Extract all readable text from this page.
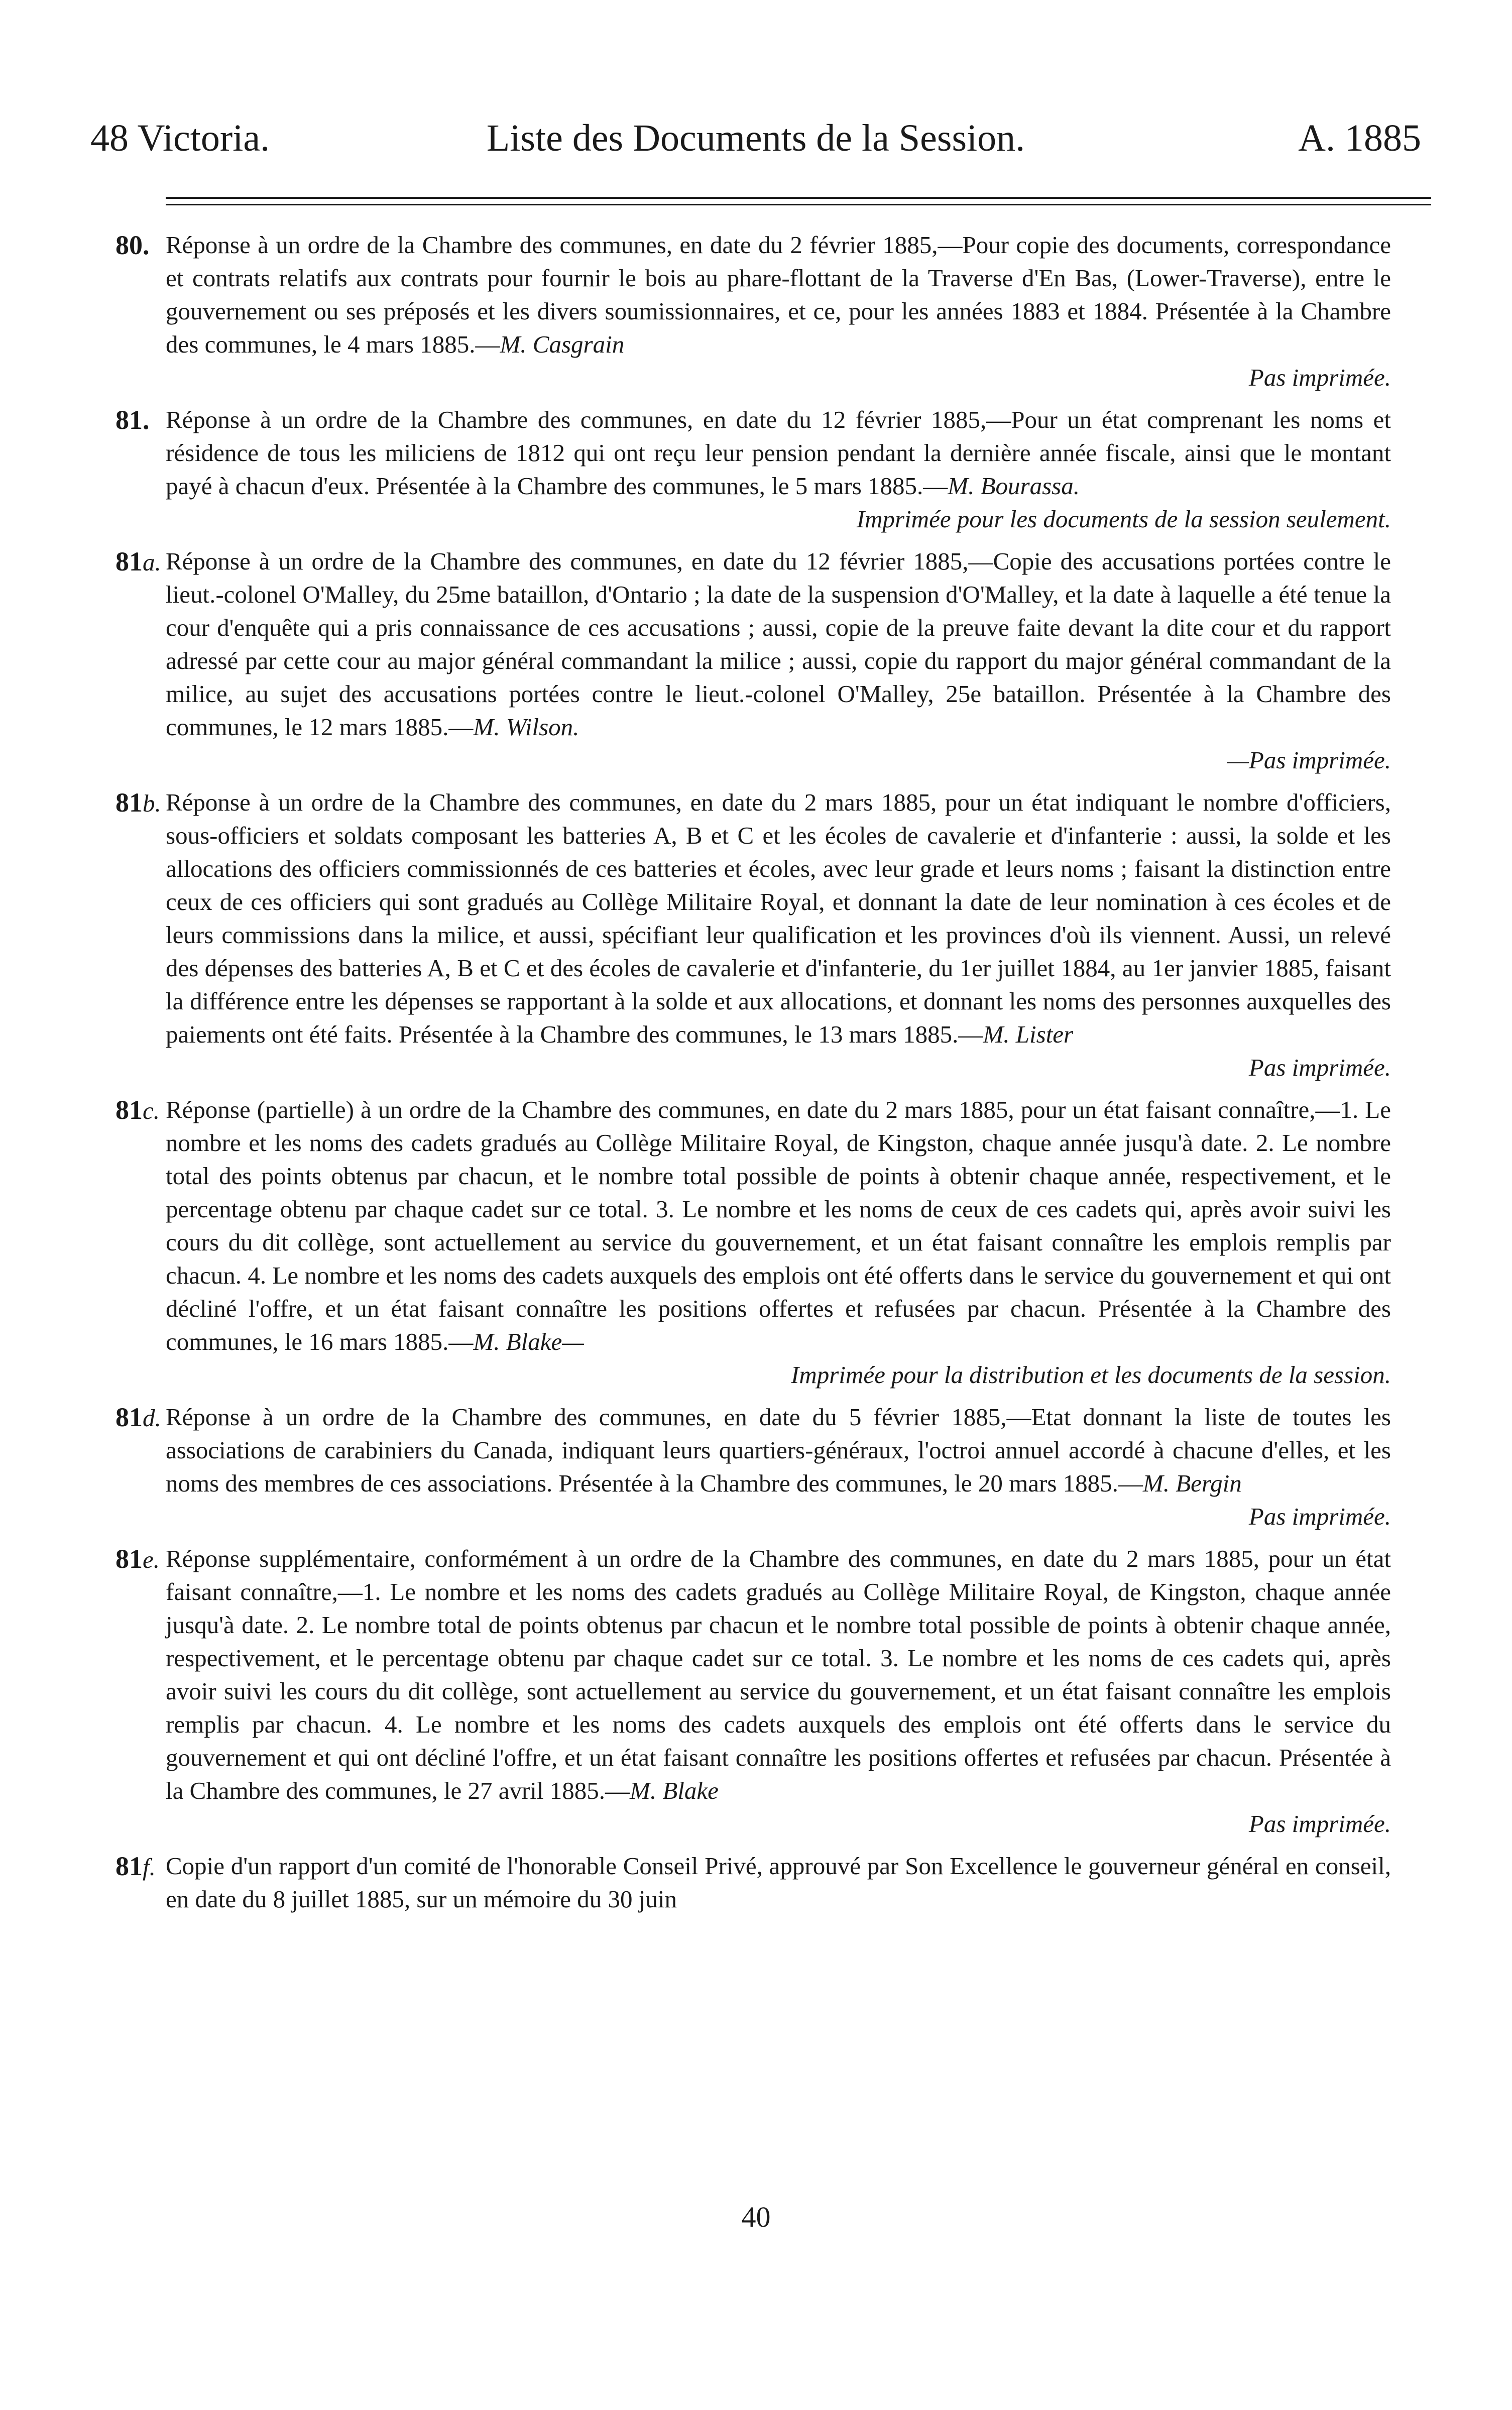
48 Victoria.	Liste des Documents de la Session.	A. 1885
80. Réponse à un ordre de la Chambre des communes, en date du 2 février 1885,—Pour copie des documents, correspondance et contrats relatifs aux contrats pour fournir le bois au phare-flottant de la Traverse d'En Bas, (Lower-Traverse), entre le gouvernement ou ses préposés et les divers soumissionnaires, et ce, pour les années 1883 et 1884. Présentée à la Chambre des communes, le 4 mars 1885.—M. Casgrain
Pas imprimée.
81. Réponse à un ordre de la Chambre des communes, en date du 12 février 1885,—Pour un état comprenant les noms et résidence de tous les miliciens de 1812 qui ont reçu leur pension pendant la dernière année fiscale, ainsi que le montant payé à chacun d'eux. Présentée à la Chambre des communes, le 5 mars 1885.—M. Bourassa.
Imprimée pour les documents de la session seulement.
81a. Réponse à un ordre de la Chambre des communes, en date du 12 février 1885,—Copie des accusations portées contre le lieut.-colonel O'Malley, du 25me bataillon, d'Ontario ; la date de la suspension d'O'Malley, et la date à laquelle a été tenue la cour d'enquête qui a pris connaissance de ces accusations ; aussi, copie de la preuve faite devant la dite cour et du rapport adressé par cette cour au major général commandant la milice ; aussi, copie du rapport du major général commandant de la milice, au sujet des accusations portées contre le lieut.-colonel O'Malley, 25e bataillon. Présentée à la Chambre des communes, le 12 mars 1885.—M. Wilson.
—Pas imprimée.
81b. Réponse à un ordre de la Chambre des communes, en date du 2 mars 1885, pour un état indiquant le nombre d'officiers, sous-officiers et soldats composant les batteries A, B et C et les écoles de cavalerie et d'infanterie : aussi, la solde et les allocations des officiers commissionnés de ces batteries et écoles, avec leur grade et leurs noms ; faisant la distinction entre ceux de ces officiers qui sont gradués au Collège Militaire Royal, et donnant la date de leur nomination à ces écoles et de leurs commissions dans la milice, et aussi, spécifiant leur qualification et les provinces d'où ils viennent. Aussi, un relevé des dépenses des batteries A, B et C et des écoles de cavalerie et d'infanterie, du 1er juillet 1884, au 1er janvier 1885, faisant la différence entre les dépenses se rapportant à la solde et aux allocations, et donnant les noms des personnes auxquelles des paiements ont été faits. Présentée à la Chambre des communes, le 13 mars 1885.—M. Lister
Pas imprimée.
81c. Réponse (partielle) à un ordre de la Chambre des communes, en date du 2 mars 1885, pour un état faisant connaître,—1. Le nombre et les noms des cadets gradués au Collège Militaire Royal, de Kingston, chaque année jusqu'à date. 2. Le nombre total des points obtenus par chacun, et le nombre total possible de points à obtenir chaque année, respectivement, et le percentage obtenu par chaque cadet sur ce total. 3. Le nombre et les noms de ceux de ces cadets qui, après avoir suivi les cours du dit collège, sont actuellement au service du gouvernement, et un état faisant connaître les emplois remplis par chacun. 4. Le nombre et les noms des cadets auxquels des emplois ont été offerts dans le service du gouvernement et qui ont décliné l'offre, et un état faisant connaître les positions offertes et refusées par chacun. Présentée à la Chambre des communes, le 16 mars 1885.—M. Blake—
Imprimée pour la distribution et les documents de la session.
81d. Réponse à un ordre de la Chambre des communes, en date du 5 février 1885,—Etat donnant la liste de toutes les associations de carabiniers du Canada, indiquant leurs quartiers-généraux, l'octroi annuel accordé à chacune d'elles, et les noms des membres de ces associations. Présentée à la Chambre des communes, le 20 mars 1885.—M. Bergin
Pas imprimée.
81e. Réponse supplémentaire, conformément à un ordre de la Chambre des communes, en date du 2 mars 1885, pour un état faisant connaître,—1. Le nombre et les noms des cadets gradués au Collège Militaire Royal, de Kingston, chaque année jusqu'à date. 2. Le nombre total de points obtenus par chacun et le nombre total possible de points à obtenir chaque année, respectivement, et le percentage obtenu par chaque cadet sur ce total. 3. Le nombre et les noms de ces cadets qui, après avoir suivi les cours du dit collège, sont actuellement au service du gouvernement, et un état faisant connaître les emplois remplis par chacun. 4. Le nombre et les noms des cadets auxquels des emplois ont été offerts dans le service du gouvernement et qui ont décliné l'offre, et un état faisant connaître les positions offertes et refusées par chacun. Présentée à la Chambre des communes, le 27 avril 1885.—M. Blake
Pas imprimée.
81f. Copie d'un rapport d'un comité de l'honorable Conseil Privé, approuvé par Son Excellence le gouverneur général en conseil, en date du 8 juillet 1885, sur un mémoire du 30 juin
40
